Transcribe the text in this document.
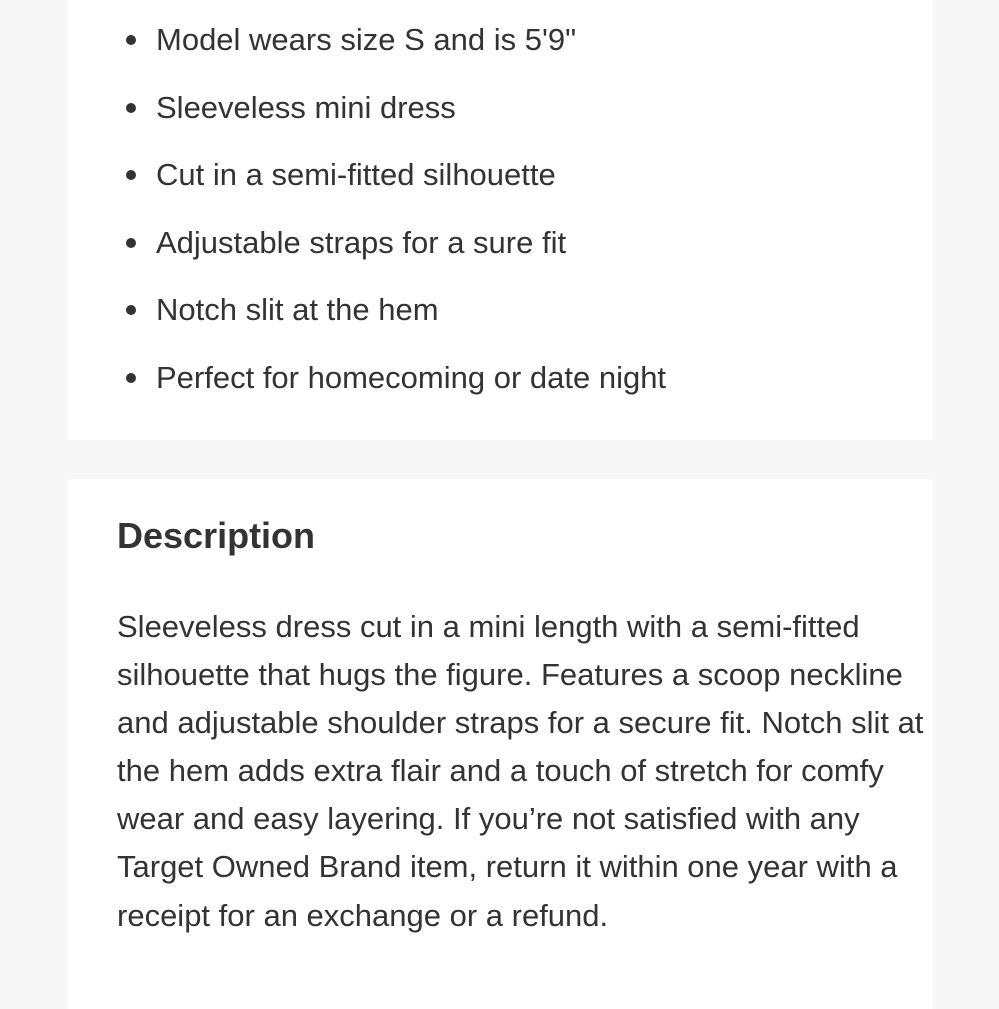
Model wears size S and is 5'9"
Sleeveless mini dress
Cut in a semi-fitted silhouette
Adjustable straps for a sure fit
Notch slit at the hem
Perfect for homecoming or date night
Description

Sleeveless dress cut in a mini length with a semi-fitted silhouette that hugs the figure. Features a scoop neckline and adjustable shoulder straps for a secure fit. Notch slit at the hem adds extra flair and a touch of stretch for comfy wear and easy layering. If you’re not satisfied with any Target Owned Brand item, return it within one year with a receipt for an exchange or a refund.
